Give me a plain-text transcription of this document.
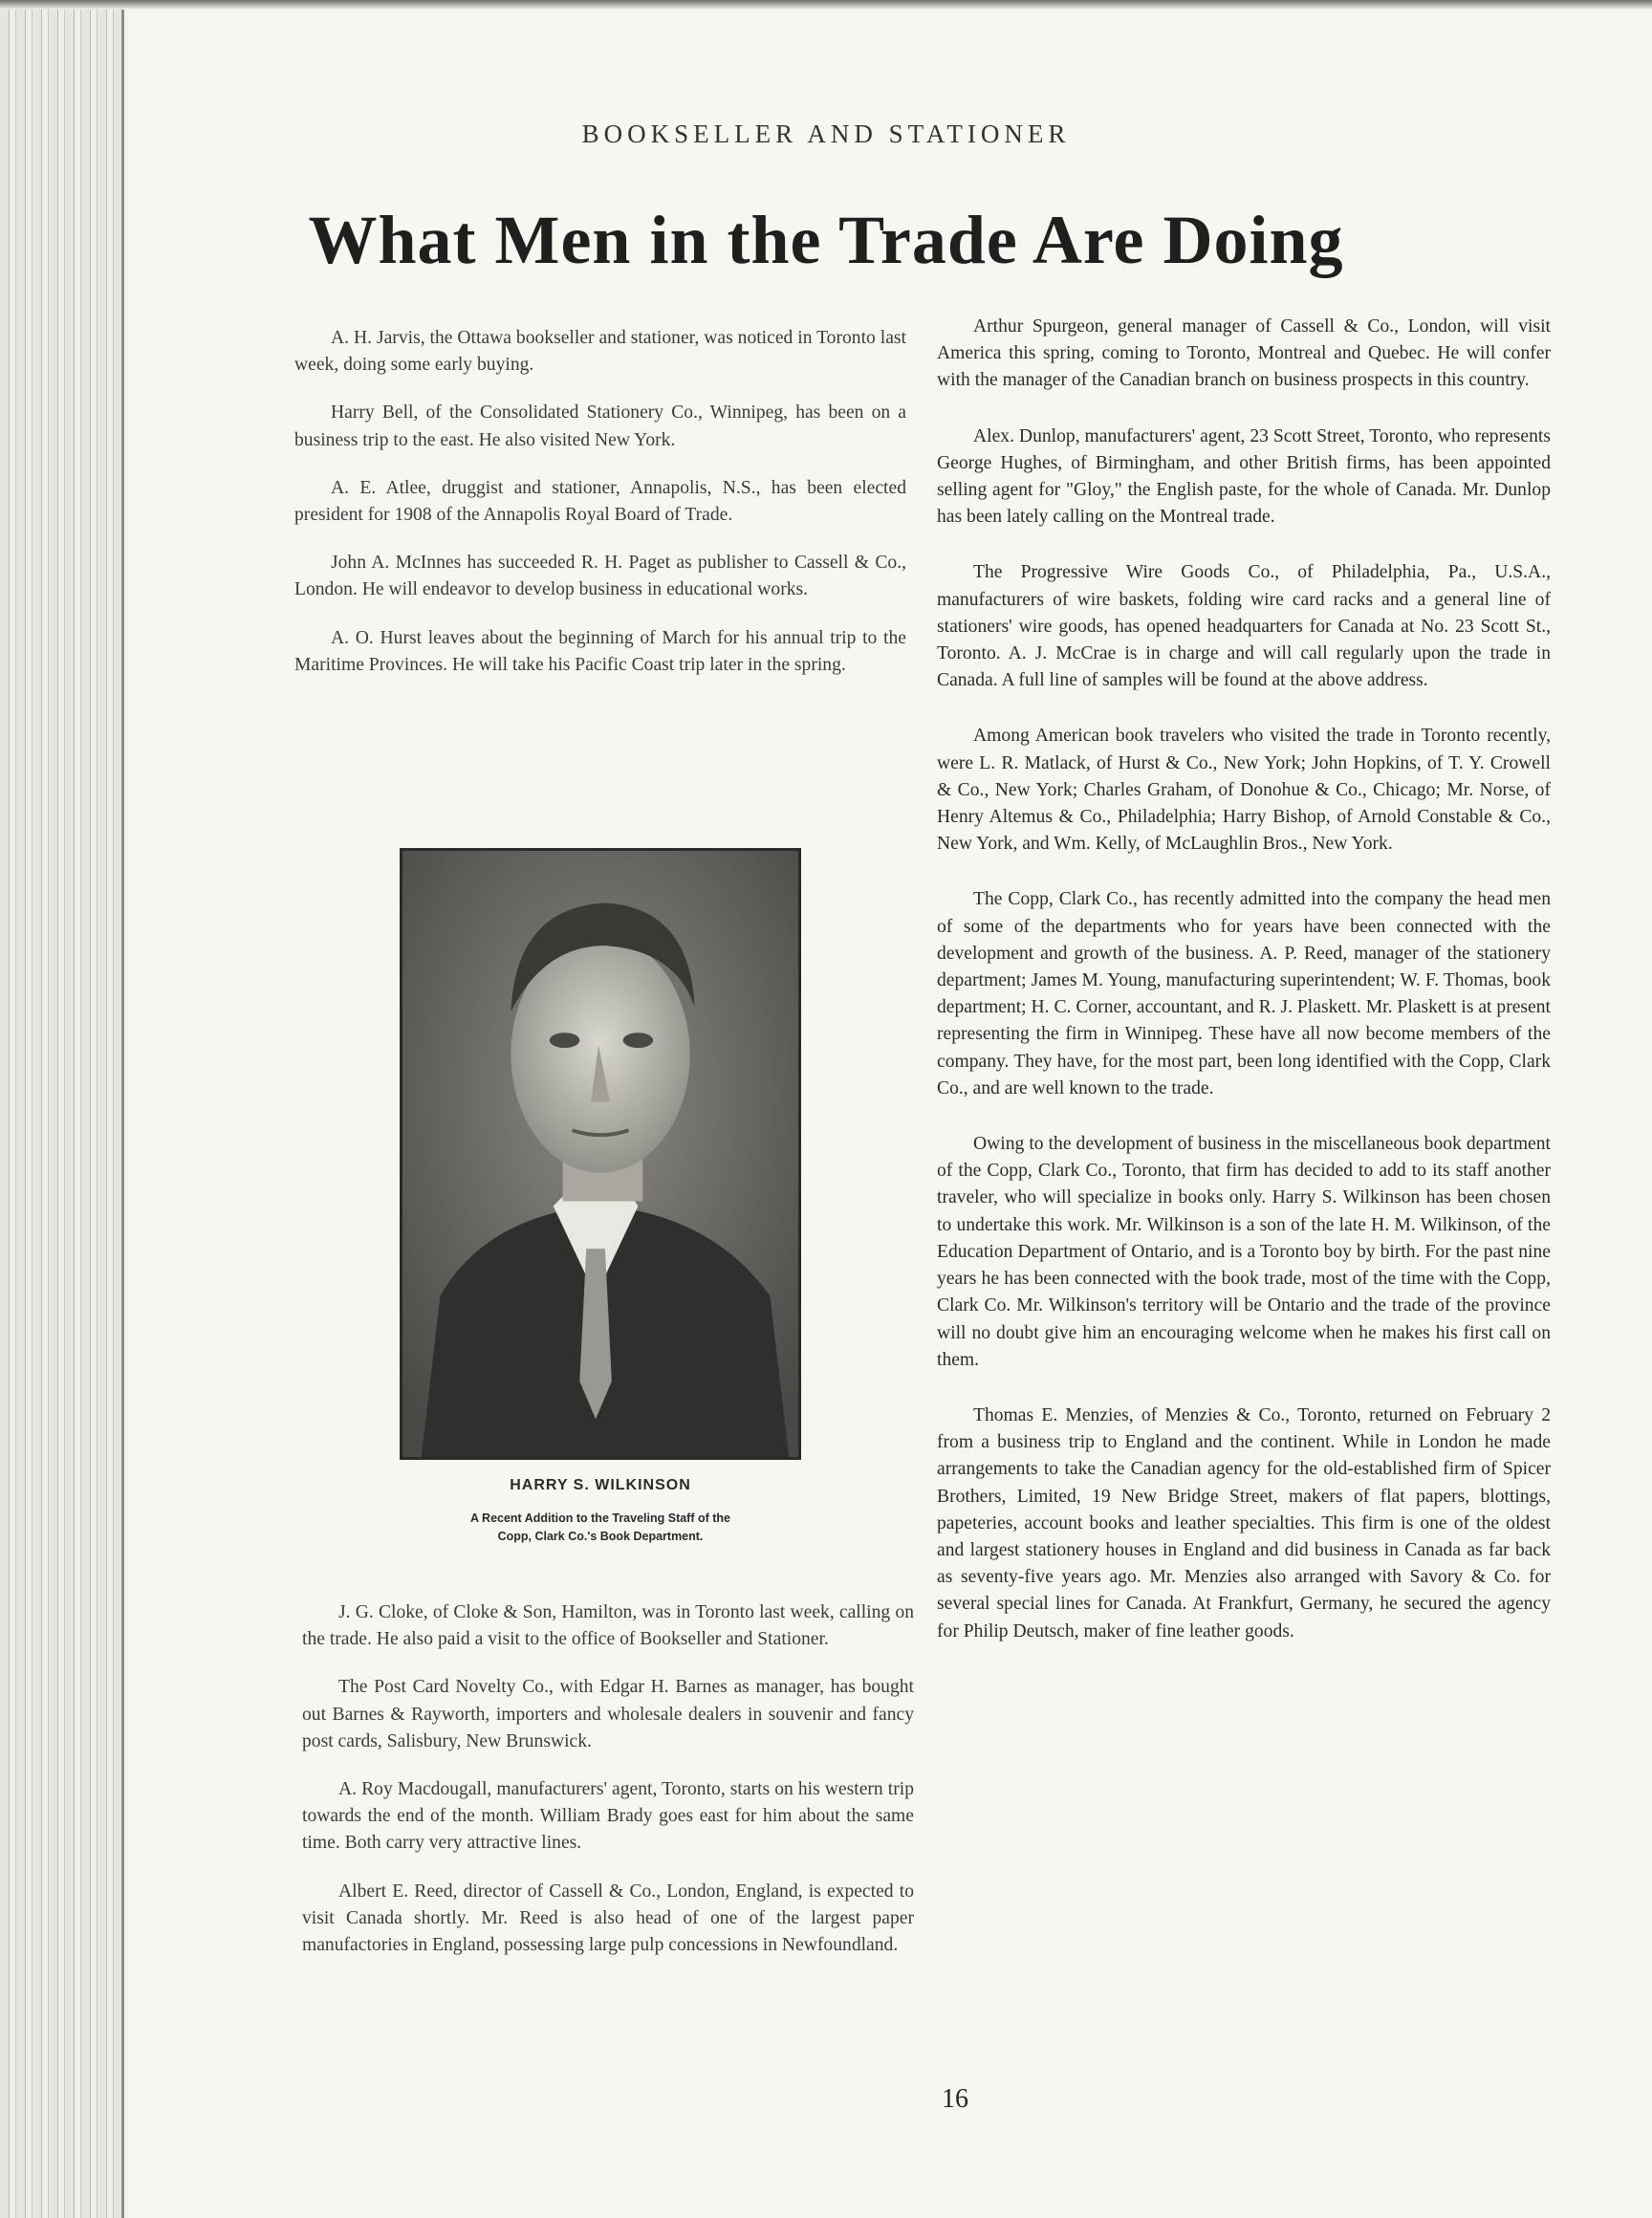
BOOKSELLER AND STATIONER
What Men in the Trade Are Doing

A. H. Jarvis, the Ottawa bookseller and stationer, was noticed in Toronto last week, doing some early buying.

Harry Bell, of the Consolidated Stationery Co., Winnipeg, has been on a business trip to the east. He also visited New York.

A. E. Atlee, druggist and stationer, Annapolis, N.S., has been elected president for 1908 of the Annapolis Royal Board of Trade.

John A. McInnes has succeeded R. H. Paget as publisher to Cassell & Co., London. He will endeavor to develop business in educational works.

A. O. Hurst leaves about the beginning of March for his annual trip to the Maritime Provinces. He will take his Pacific Coast trip later in the spring.

HARRY S. WILKINSON
A Recent Addition to the Traveling Staff of the
Copp, Clark Co.'s Book Department.

J. G. Cloke, of Cloke & Son, Hamilton, was in Toronto last week, calling on the trade. He also paid a visit to the office of Bookseller and Stationer.

The Post Card Novelty Co., with Edgar H. Barnes as manager, has bought out Barnes & Rayworth, importers and wholesale dealers in souvenir and fancy post cards, Salisbury, New Brunswick.

A. Roy Macdougall, manufacturers' agent, Toronto, starts on his western trip towards the end of the month. William Brady goes east for him about the same time. Both carry very attractive lines.

Albert E. Reed, director of Cassell & Co., London, England, is expected to visit Canada shortly. Mr. Reed is also head of one of the largest paper manufactories in England, possessing large pulp concessions in Newfoundland.

Arthur Spurgeon, general manager of Cassell & Co., London, will visit America this spring, coming to Toronto, Montreal and Quebec. He will confer with the manager of the Canadian branch on business prospects in this country.

Alex. Dunlop, manufacturers' agent, 23 Scott Street, Toronto, who represents George Hughes, of Birmingham, and other British firms, has been appointed selling agent for "Gloy," the English paste, for the whole of Canada. Mr. Dunlop has been lately calling on the Montreal trade.

The Progressive Wire Goods Co., of Philadelphia, Pa., U.S.A., manufacturers of wire baskets, folding wire card racks and a general line of stationers' wire goods, has opened headquarters for Canada at No. 23 Scott St., Toronto. A. J. McCrae is in charge and will call regularly upon the trade in Canada. A full line of samples will be found at the above address.

Among American book travelers who visited the trade in Toronto recently, were L. R. Matlack, of Hurst & Co., New York; John Hopkins, of T. Y. Crowell & Co., New York; Charles Graham, of Donohue & Co., Chicago; Mr. Norse, of Henry Altemus & Co., Philadelphia; Harry Bishop, of Arnold Constable & Co., New York, and Wm. Kelly, of McLaughlin Bros., New York.

The Copp, Clark Co., has recently admitted into the company the head men of some of the departments who for years have been connected with the development and growth of the business. A. P. Reed, manager of the stationery department; James M. Young, manufacturing superintendent; W. F. Thomas, book department; H. C. Corner, accountant, and R. J. Plaskett. Mr. Plaskett is at present representing the firm in Winnipeg. These have all now become members of the company. They have, for the most part, been long identified with the Copp, Clark Co., and are well known to the trade.

Owing to the development of business in the miscellaneous book department of the Copp, Clark Co., Toronto, that firm has decided to add to its staff another traveler, who will specialize in books only. Harry S. Wilkinson has been chosen to undertake this work. Mr. Wilkinson is a son of the late H. M. Wilkinson, of the Education Department of Ontario, and is a Toronto boy by birth. For the past nine years he has been connected with the book trade, most of the time with the Copp, Clark Co. Mr. Wilkinson's territory will be Ontario and the trade of the province will no doubt give him an encouraging welcome when he makes his first call on them.

Thomas E. Menzies, of Menzies & Co., Toronto, returned on February 2 from a business trip to England and the continent. While in London he made arrangements to take the Canadian agency for the old-established firm of Spicer Brothers, Limited, 19 New Bridge Street, makers of flat papers, blottings, papeteries, account books and leather specialties. This firm is one of the oldest and largest stationery houses in England and did business in Canada as far back as seventy-five years ago. Mr. Menzies also arranged with Savory & Co. for several special lines for Canada. At Frankfurt, Germany, he secured the agency for Philip Deutsch, maker of fine leather goods.

16
